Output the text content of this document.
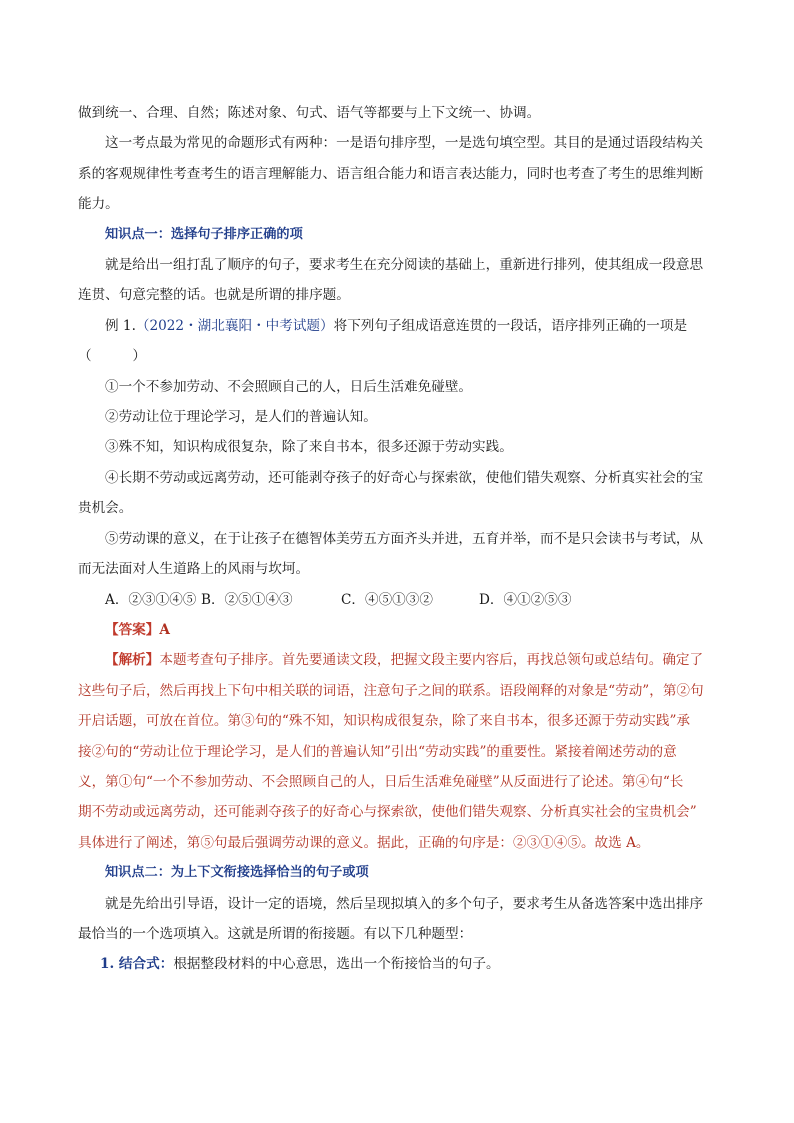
做到统一、合理、自然；陈述对象、句式、语气等都要与上下文统一、协调。

这一考点最为常见的命题形式有两种：一是语句排序型，一是选句填空型。其目的是通过语段结构关

系的客观规律性考查考生的语言理解能力、语言组合能力和语言表达能力，同时也考查了考生的思维判断

能力。

知识点一：选择句子排序正确的项

就是给出一组打乱了顺序的句子，要求考生在充分阅读的基础上，重新进行排列，使其组成一段意思

连贯、句意完整的话。也就是所谓的排序题。

例 1.（2022・湖北襄阳・中考试题）将下列句子组成语意连贯的一段话，语序排列正确的一项是

（　　　）

①一个不参加劳动、不会照顾自己的人，日后生活难免碰壁。

②劳动让位于理论学习，是人们的普遍认知。

③殊不知，知识构成很复杂，除了来自书本，很多还源于劳动实践。

④长期不劳动或远离劳动，还可能剥夺孩子的好奇心与探索欲，使他们错失观察、分析真实社会的宝

贵机会。

⑤劳动课的意义，在于让孩子在德智体美劳五方面齐头并进，五育并举，而不是只会读书与考试，从

而无法面对人生道路上的风雨与坎坷。

A．②③①④⑤ B．②⑤①④③	C．④⑤①③②	D．④①②⑤③

【答案】A

【解析】本题考查句子排序。首先要通读文段，把握文段主要内容后，再找总领句或总结句。确定了

这些句子后，然后再找上下句中相关联的词语，注意句子之间的联系。语段阐释的对象是“劳动”，第②句

开启话题，可放在首位。第③句的“殊不知，知识构成很复杂，除了来自书本，很多还源于劳动实践”承

接②句的“劳动让位于理论学习，是人们的普遍认知”引出“劳动实践”的重要性。紧接着阐述劳动的意

义，第①句“一个不参加劳动、不会照顾自己的人，日后生活难免碰壁”从反面进行了论述。第④句“长

期不劳动或远离劳动，还可能剥夺孩子的好奇心与探索欲，使他们错失观察、分析真实社会的宝贵机会”

具体进行了阐述，第⑤句最后强调劳动课的意义。据此，正确的句序是：②③①④⑤。故选 A。

知识点二：为上下文衔接选择恰当的句子或项

就是先给出引导语，设计一定的语境，然后呈现拟填入的多个句子，要求考生从备选答案中选出排序

最恰当的一个选项填入。这就是所谓的衔接题。有以下几种题型：

1. 结合式：根据整段材料的中心意思，选出一个衔接恰当的句子。
